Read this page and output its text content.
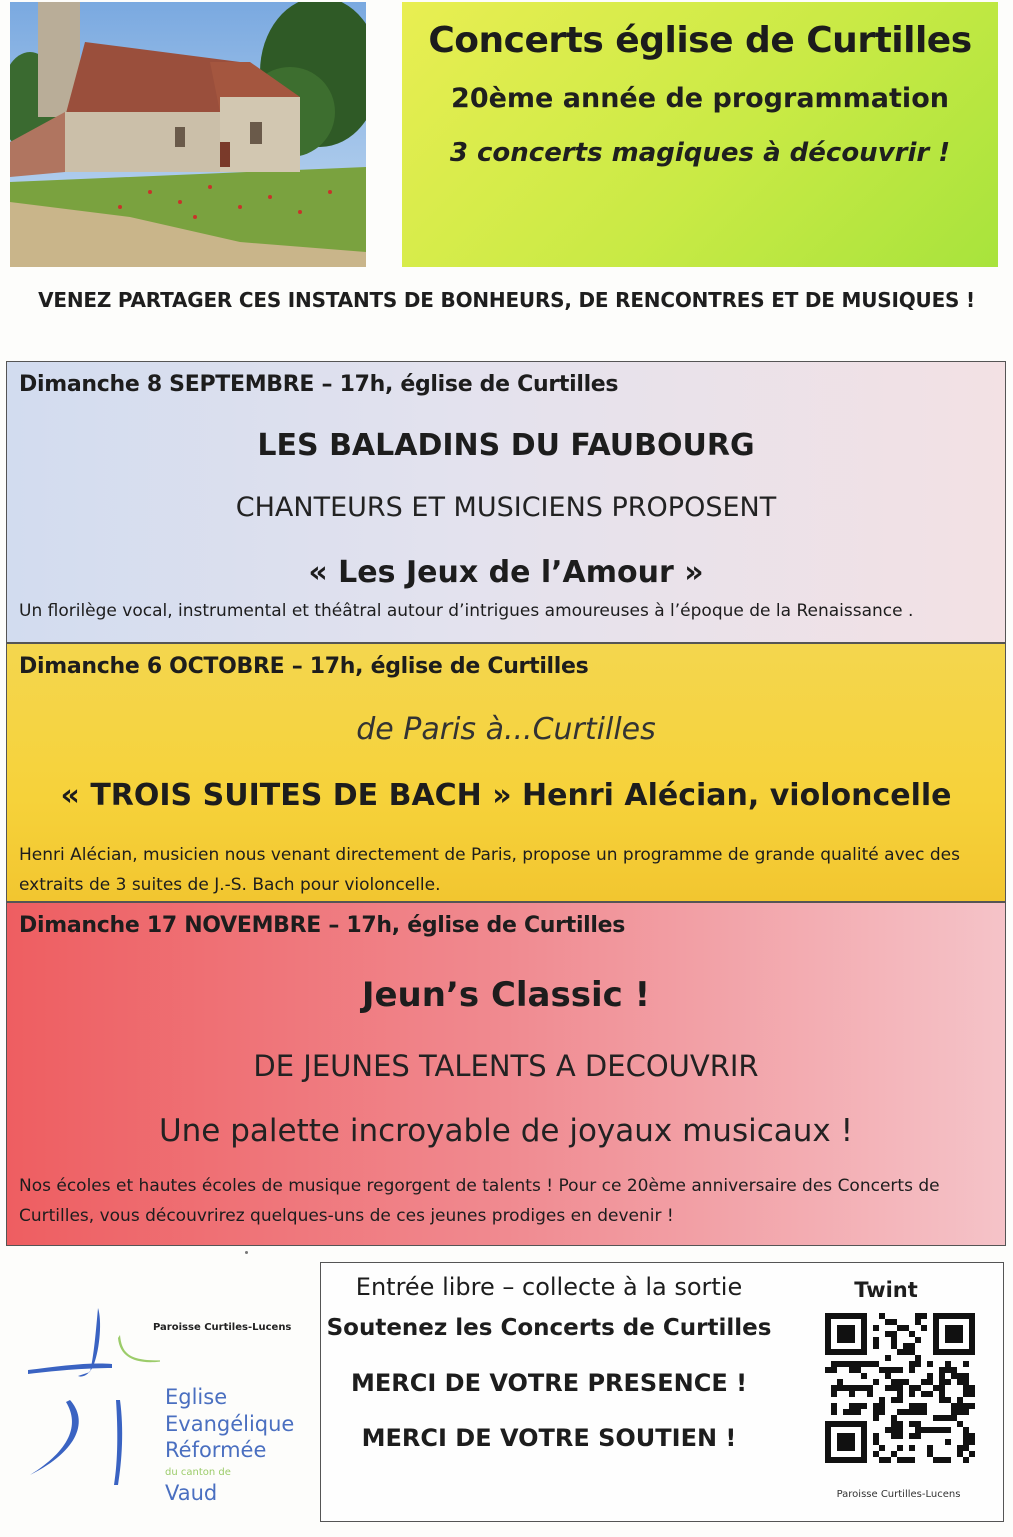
Concerts église de Curtilles
20ème année de programmation
3 concerts magiques à découvrir !
VENEZ PARTAGER CES INSTANTS DE BONHEURS, DE RENCONTRES ET DE MUSIQUES !
Dimanche 8 SEPTEMBRE – 17h, église de Curtilles
LES BALADINS DU FAUBOURG
CHANTEURS ET MUSICIENS PROPOSENT
« Les Jeux de l’Amour »
Un florilège vocal, instrumental et théâtral autour d’intrigues amoureuses à l’époque de la Renaissance .
Dimanche 6 OCTOBRE – 17h, église de Curtilles
de Paris à...Curtilles
« TROIS SUITES DE BACH » Henri Alécian, violoncelle
Henri Alécian, musicien nous venant directement de Paris, propose un programme de grande qualité avec des extraits de 3 suites de J.-S. Bach pour violoncelle.
Dimanche 17 NOVEMBRE – 17h, église de Curtilles
Jeun’s Classic !
DE JEUNES TALENTS A DECOUVRIR
Une palette incroyable de joyaux musicaux !
Nos écoles et hautes écoles de musique regorgent de talents ! Pour ce 20ème anniversaire des Concerts de Curtilles, vous découvrirez quelques-uns de ces jeunes prodiges en devenir !
Paroisse Curtiles-Lucens
Eglise
Evangélique
Réformée
du canton de
Vaud
Entrée libre – collecte à la sortie
Soutenez les Concerts de Curtilles
MERCI DE VOTRE PRESENCE !
MERCI DE VOTRE SOUTIEN !
Twint
Paroisse Curtilles-Lucens
